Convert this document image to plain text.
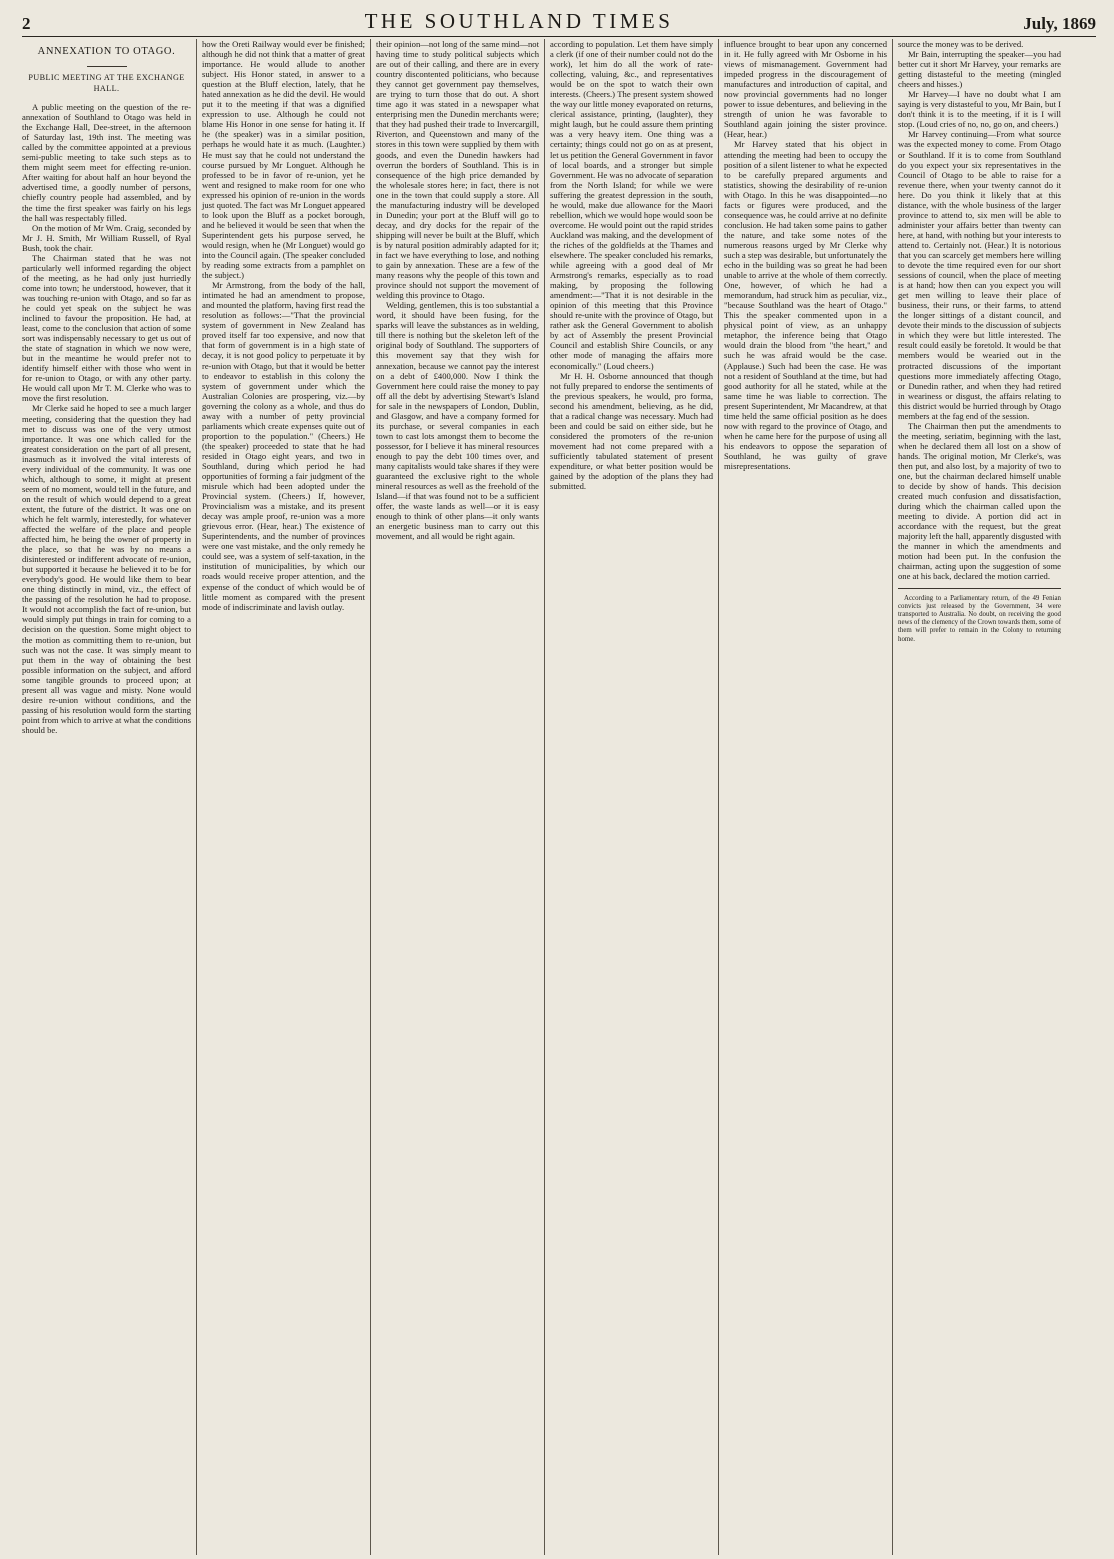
2	THE SOUTHLAND TIMES	July, 1869
ANNEXATION TO OTAGO.
PUBLIC MEETING AT THE EXCHANGE HALL.

A public meeting on the question of the re-annexation of Southland to Otago was held in the Exchange Hall, Dee-street, in the afternoon of Saturday last, 19th inst. The meeting was called by the committee appointed at a previous semi-public meeting to take such steps as to them might seem meet for effecting re-union. After waiting for about half an hour beyond the advertised time, a goodly number of persons, chiefly country people had assembled, and by the time the first speaker was fairly on his legs the hall was respectably filled.

On the motion of Mr Wm. Craig, seconded by Mr J. H. Smith, Mr William Russell, of Ryal Bush, took the chair.

The Chairman stated that he was not particularly well informed regarding the object of the meeting, as he had only just hurriedly come into town; he understood, however, that it was touching re-union with Otago, and so far as he could yet speak on the subject he was inclined to favour the proposition. He had, at least, come to the conclusion that action of some sort was indispensably necessary to get us out of the state of stagnation in which we now were, but in the meantime he would prefer not to identify himself either with those who went in for re-union to Otago, or with any other party. He would call upon Mr T. M. Clerke who was to move the first resolution.

Mr Clerke said he hoped to see a much larger meeting, considering that the question they had met to discuss was one of the very utmost importance. It was one which called for the greatest consideration on the part of all present, inasmuch as it involved the vital interests of every individual of the community. It was one which, although to some, it might at present seem of no moment, would tell in the future, and on the result of which would depend to a great extent, the future of the district. It was one on which he felt warmly, interestedly, for whatever affected the welfare of the place and people affected him, he being the owner of property in the place, so that he was by no means a disinterested or indifferent advocate of re-union, but supported it because he believed it to be for everybody's good. He would like them to bear one thing distinctly in mind, viz., the effect of the passing of the resolution he had to propose. It would not accomplish the fact of re-union, but would simply put things in train for coming to a decision on the question. Some might object to the motion as committing them to re-union, but such was not the case. It was simply meant to put them in the way of obtaining the best possible information on the subject, and afford some tangible grounds to proceed upon; at present all was vague and misty. None would desire re-union without conditions, and the passing of his resolution would form the starting point from which to arrive at what the conditions should be.

how the Oreti Railway would ever be finished; although he did not think that a matter of great importance. He would allude to another subject. His Honor stated, in answer to a question at the Bluff election, lately, that he hated annexation as he did the devil. He would put it to the meeting if that was a dignified expression to use. Although he could not blame His Honor in one sense for hating it. If he (the speaker) was in a similar position, perhaps he would hate it as much. (Laughter.) He must say that he could not understand the course pursued by Mr Longuet. Although he professed to be in favor of re-union, yet he went and resigned to make room for one who expressed his opinion of re-union in the words just quoted. The fact was Mr Longuet appeared to look upon the Bluff as a pocket borough, and he believed it would be seen that when the Superintendent gets his purpose served, he would resign, when he (Mr Longuet) would go into the Council again. (The speaker concluded by reading some extracts from a pamphlet on the subject.)

Mr Armstrong, from the body of the hall, intimated he had an amendment to propose, and mounted the platform, having first read the resolution as follows:—"That the provincial system of government in New Zealand has proved itself far too expensive, and now that that form of government is in a high state of decay, it is not good policy to perpetuate it by re-union with Otago, but that it would be better to endeavor to establish in this colony the system of government under which the Australian Colonies are prospering, viz.—by governing the colony as a whole, and thus do away with a number of petty provincial parliaments which create expenses quite out of proportion to the population." (Cheers.) He (the speaker) proceeded to state that he had resided in Otago eight years, and two in Southland, during which period he had opportunities of forming a fair judgment of the misrule which had been adopted under the Provincial system. (Cheers.) If, however, Provincialism was a mistake, and its present decay was ample proof, re-union was a more grievous error. (Hear, hear.) The existence of Superintendents, and the number of provinces were one vast mistake, and the only remedy he could see, was a system of self-taxation, in the institution of municipalities, by which our roads would receive proper attention, and the expense of the conduct of which would be of little moment as compared with the present mode of indiscriminate and lavish outlay.

their opinion—not long of the same mind—not having time to study political subjects which are out of their calling, and there are in every country discontented politicians, who because they cannot get government pay themselves, are trying to turn those that do out. A short time ago it was stated in a newspaper what enterprising men the Dunedin merchants were; that they had pushed their trade to Invercargill, Riverton, and Queenstown and many of the stores in this town were supplied by them with goods, and even the Dunedin hawkers had overrun the borders of Southland. This is in consequence of the high price demanded by the wholesale stores here; in fact, there is not one in the town that could supply a store. All the manufacturing industry will be developed in Dunedin; your port at the Bluff will go to decay, and dry docks for the repair of the shipping will never be built at the Bluff, which is by natural position admirably adapted for it; in fact we have everything to lose, and nothing to gain by annexation. These are a few of the many reasons why the people of this town and province should not support the movement of welding this province to Otago.

Welding, gentlemen, this is too substantial a word, it should have been fusing, for the sparks will leave the substances as in welding, till there is nothing but the skeleton left of the original body of Southland. The supporters of this movement say that they wish for annexation, because we cannot pay the interest on a debt of £400,000. Now I think the Government here could raise the money to pay off all the debt by advertising Stewart's Island for sale in the newspapers of London, Dublin, and Glasgow, and have a company formed for its purchase, or several companies in each town to cast lots amongst them to become the possessor, for I believe it has mineral resources enough to pay the debt 100 times over, and many capitalists would take shares if they were guaranteed the exclusive right to the whole mineral resources as well as the freehold of the Island—if that was found not to be a sufficient offer, the waste lands as well—or it is easy enough to think of other plans—it only wants an energetic business man to carry out this movement, and all would be right again.

according to population. Let them have simply a clerk (if one of their number could not do the work), let him do all the work of rate-collecting, valuing, &c., and representatives would be on the spot to watch their own interests. (Cheers.) The present system showed the way our little money evaporated on returns, clerical assistance, printing, (laughter), they might laugh, but he could assure them printing was a very heavy item. One thing was a certainty; things could not go on as at present, let us petition the General Government in favor of local boards, and a stronger but simple Government. He was no advocate of separation from the North Island; for while we were suffering the greatest depression in the south, he would, make due allowance for the Maori rebellion, which we would hope would soon be overcome. He would point out the rapid strides Auckland was making, and the development of the riches of the goldfields at the Thames and elsewhere. The speaker concluded his remarks, while agreeing with a good deal of Mr Armstrong's remarks, especially as to road making, by proposing the following amendment:—"That it is not desirable in the opinion of this meeting that this Province should re-unite with the province of Otago, but rather ask the General Government to abolish by act of Assembly the present Provincial Council and establish Shire Councils, or any other mode of managing the affairs more economically." (Loud cheers.)

Mr H. H. Osborne announced that though not fully prepared to endorse the sentiments of the previous speakers, he would, pro forma, second his amendment, believing, as he did, that a radical change was necessary. Much had been and could be said on either side, but he considered the promoters of the re-union movement had not come prepared with a sufficiently tabulated statement of present expenditure, or what better position would be gained by the adoption of the plans they had submitted.

influence brought to bear upon any concerned in it. He fully agreed with Mr Osborne in his views of mismanagement. Government had impeded progress in the discouragement of manufactures and introduction of capital, and now provincial governments had no longer power to issue debentures, and believing in the strength of union he was favorable to Southland again joining the sister province. (Hear, hear.)

Mr Harvey stated that his object in attending the meeting had been to occupy the position of a silent listener to what he expected to be carefully prepared arguments and statistics, showing the desirability of re-union with Otago. In this he was disappointed—no facts or figures were produced, and the consequence was, he could arrive at no definite conclusion. He had taken some pains to gather the nature, and take some notes of the numerous reasons urged by Mr Clerke why such a step was desirable, but unfortunately the echo in the building was so great he had been unable to arrive at the whole of them correctly. One, however, of which he had a memorandum, had struck him as peculiar, viz., "because Southland was the heart of Otago." This the speaker commented upon in a physical point of view, as an unhappy metaphor, the inference being that Otago would drain the blood from "the heart," and such he was afraid would be the case. (Applause.) Such had been the case. He was not a resident of Southland at the time, but had good authority for all he stated, while at the same time he was liable to correction. The present Superintendent, Mr Macandrew, at that time held the same official position as he does now with regard to the province of Otago, and when he came here for the purpose of using all his endeavors to oppose the separation of Southland, he was guilty of grave misrepresentations.

source the money was to be derived.

Mr Bain, interrupting the speaker—you had better cut it short Mr Harvey, your remarks are getting distasteful to the meeting (mingled cheers and hisses.)

Mr Harvey—I have no doubt what I am saying is very distasteful to you, Mr Bain, but I don't think it is to the meeting, if it is I will stop. (Loud cries of no, no, go on, and cheers.)

Mr Harvey continuing—From what source was the expected money to come. From Otago or Southland. If it is to come from Southland do you expect your six representatives in the Council of Otago to be able to raise for a revenue there, when your twenty cannot do it here. Do you think it likely that at this distance, with the whole business of the larger province to attend to, six men will be able to administer your affairs better than twenty can here, at hand, with nothing but your interests to attend to. Certainly not. (Hear.) It is notorious that you can scarcely get members here willing to devote the time required even for our short sessions of council, when the place of meeting is at hand; how then can you expect you will get men willing to leave their place of business, their runs, or their farms, to attend the longer sittings of a distant council, and devote their minds to the discussion of subjects in which they were but little interested. The result could easily be foretold. It would be that members would be wearied out in the protracted discussions of the important questions more immediately affecting Otago, or Dunedin rather, and when they had retired in weariness or disgust, the affairs relating to this district would be hurried through by Otago members at the fag end of the session.

The Chairman then put the amendments to the meeting, seriatim, beginning with the last, when he declared them all lost on a show of hands. The original motion, Mr Clerke's, was then put, and also lost, by a majority of two to one, but the chairman declared himself unable to decide by show of hands. This decision created much confusion and dissatisfaction, during which the chairman called upon the meeting to divide. A portion did act in accordance with the request, but the great majority left the hall, apparently disgusted with the manner in which the amendments and motion had been put. In the confusion the chairman, acting upon the suggestion of some one at his back, declared the motion carried.

According to a Parliamentary return, of the 49 Fenian convicts just released by the Government, 34 were transported to Australia. No doubt, on receiving the good news of the clemency of the Crown towards them, some of them will prefer to remain in the Colony to returning home.
